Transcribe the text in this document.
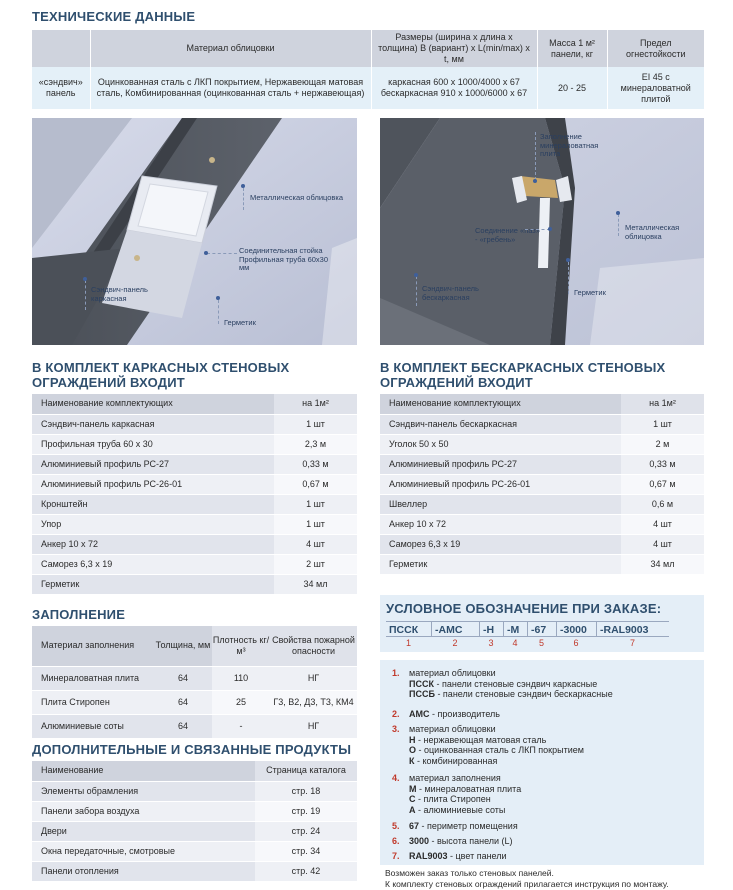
ТЕХНИЧЕСКИЕ ДАННЫЕ
	Материал облицовки	Размеры (ширина х длина х толщина) В (вариант) х L(min/max) х t, мм	Масса 1 м² панели, кг	Предел огнестойкости
«сэндвич» панель	Оцинкованная сталь с ЛКП покрытием, Нержавеющая матовая сталь, Комбинированная (оцинкованная сталь + нержавеющая)	каркасная 600 х 1000/4000 х 67 бескаркасная 910 х 1000/6000 х 67	20 - 25	EI 45 с минераловатной плитой
Металлическая облицовка
Соединительная стойка Профильная труба 60х30 мм
Сэндвич-панель каркасная
Герметик
Заполнение минераловатная плита
Соединение «паз» - «гребень»
Металлическая облицовка
Сэндвич-панель бескаркасная	Герметик
В КОМПЛЕКТ КАРКАСНЫХ СТЕНОВЫХ
ОГРАЖДЕНИЙ ВХОДИТ
Наименование комплектующих	на 1м²
Сэндвич-панель каркасная	1 шт
Профильная труба 60 х 30	2,3 м
Алюминиевый профиль РС-27	0,33 м
Алюминиевый профиль РС-26-01	0,67 м
Кронштейн	1 шт
Упор	1 шт
Анкер 10 х 72	4 шт
Саморез 6,3 х 19	2 шт
Герметик	34 мл
В КОМПЛЕКТ БЕСКАРКАСНЫХ СТЕНОВЫХ
ОГРАЖДЕНИЙ ВХОДИТ
Наименование комплектующих	на 1м²
Сэндвич-панель бескаркасная	1 шт
Уголок 50 х 50	2 м
Алюминиевый профиль РС-27	0,33 м
Алюминиевый профиль РС-26-01	0,67 м
Швеллер	0,6 м
Анкер 10 х 72	4 шт
Саморез 6,3 х 19	4 шт
Герметик	34 мл
ЗАПОЛНЕНИЕ
Материал заполнения	Толщина, мм	Плотность кг/м³	Свойства пожарной опасности
Минераловатная плита	64	110	НГ
Плита Стиропен	64	25	Г3, В2, Д3, Т3, КМ4
Алюминиевые соты	64	-	НГ
ДОПОЛНИТЕЛЬНЫЕ И СВЯЗАННЫЕ ПРОДУКТЫ
Наименование	Страница каталога
Элементы обрамления	стр. 18
Панели забора воздуха	стр. 19
Двери	стр. 24
Окна передаточные, смотровые	стр. 34
Панели отопления	стр. 42
УСЛОВНОЕ ОБОЗНАЧЕНИЕ ПРИ ЗАКАЗЕ:
ПССК	-АМС	-Н	-М	-67	-3000	-RAL9003
1	2	3	4	5	6	7
1. материал облицовки
ПССК - панели стеновые сэндвич каркасные
ПССБ - панели стеновые сэндвич бескаркасные
2. АМС - производитель
3. материал облицовки
Н - нержавеющая матовая сталь
О - оцинкованная сталь с ЛКП покрытием
К - комбинированная
4. материал заполнения
М - минераловатная плита
С - плита Стиропен
А - алюминиевые соты
5. 67 - периметр помещения
6. 3000 - высота панели (L)
7. RAL9003 - цвет панели
Возможен заказ только стеновых панелей.
К комплекту стеновых ограждений прилагается инструкция по монтажу.
